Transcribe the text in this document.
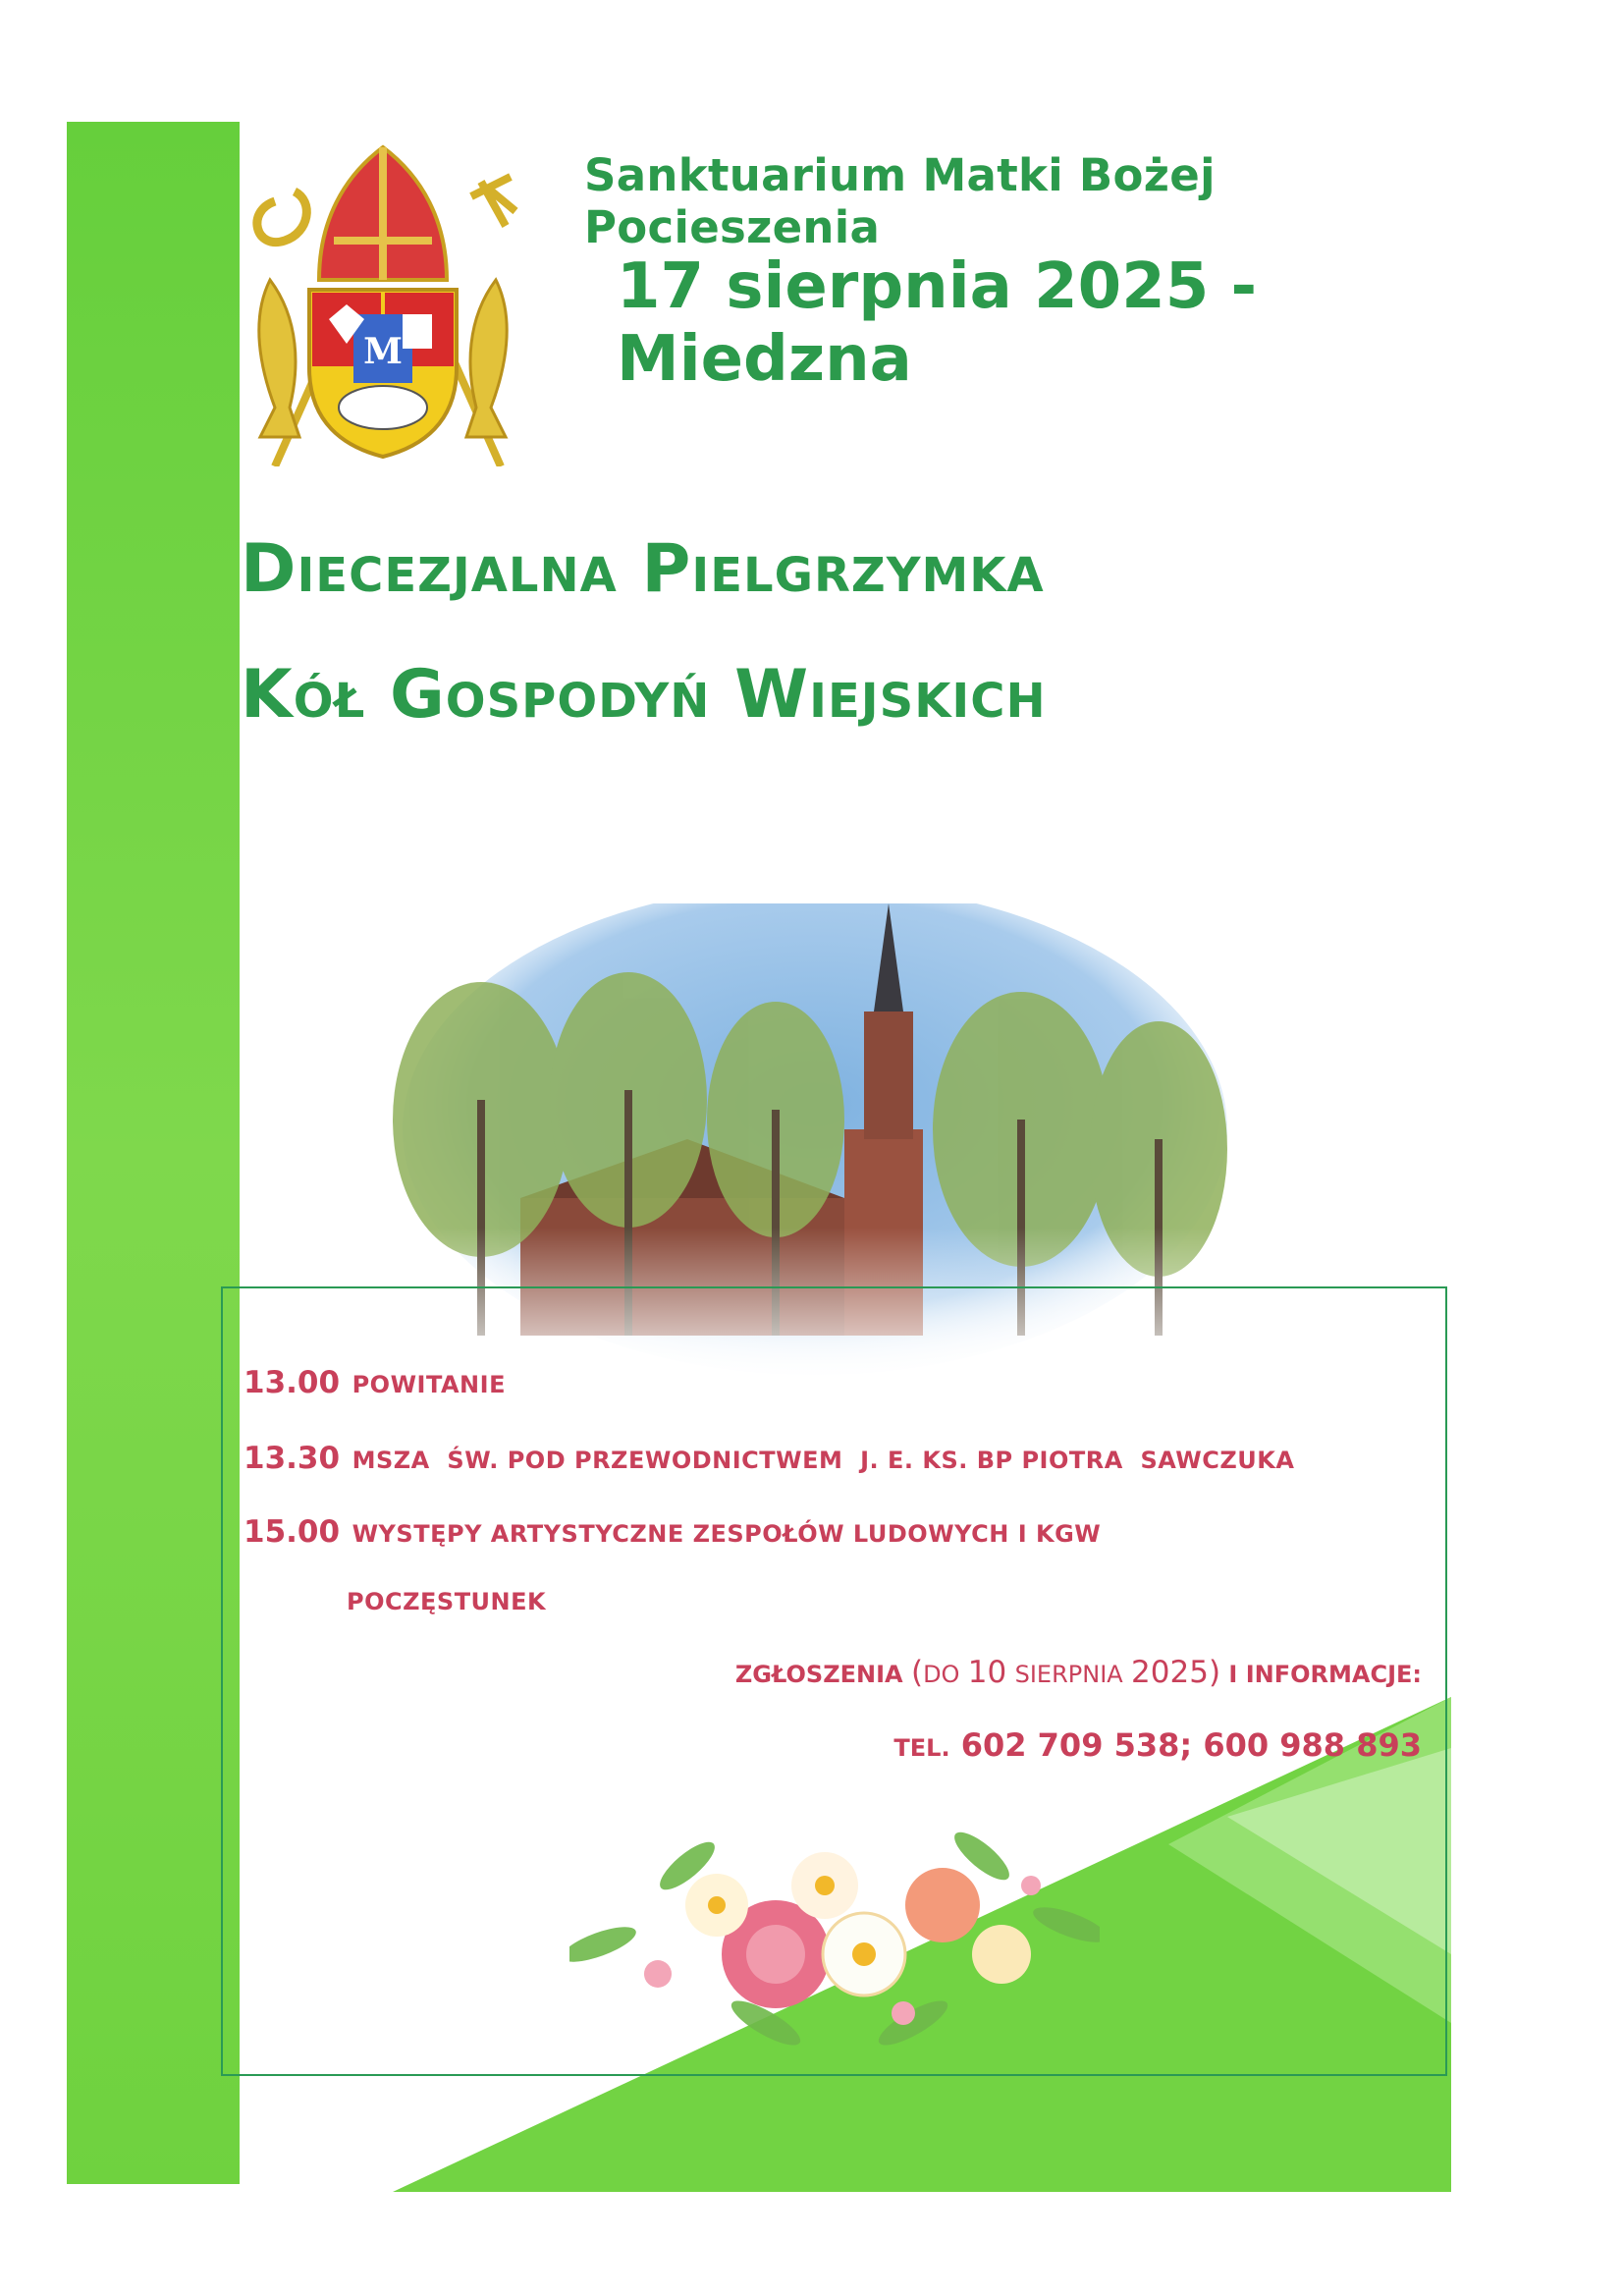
M
Sanktuarium Matki Bożej Pocieszenia
17 sierpnia 2025 - Miedzna
Diecezjalna Pielgrzymka
Kół Gospodyń Wiejskich
13.00 POWITANIE
13.30 MSZA  ŚW. POD PRZEWODNICTWEM  J. E. KS. BP PIOTRA  SAWCZUKA
15.00 WYSTĘPY ARTYSTYCZNE ZESPOŁÓW LUDOWYCH I KGW
POCZĘSTUNEK
ZGŁOSZENIA (DO 10 SIERPNIA 2025) I INFORMACJE:
TEL. 602 709 538; 600 988 893
